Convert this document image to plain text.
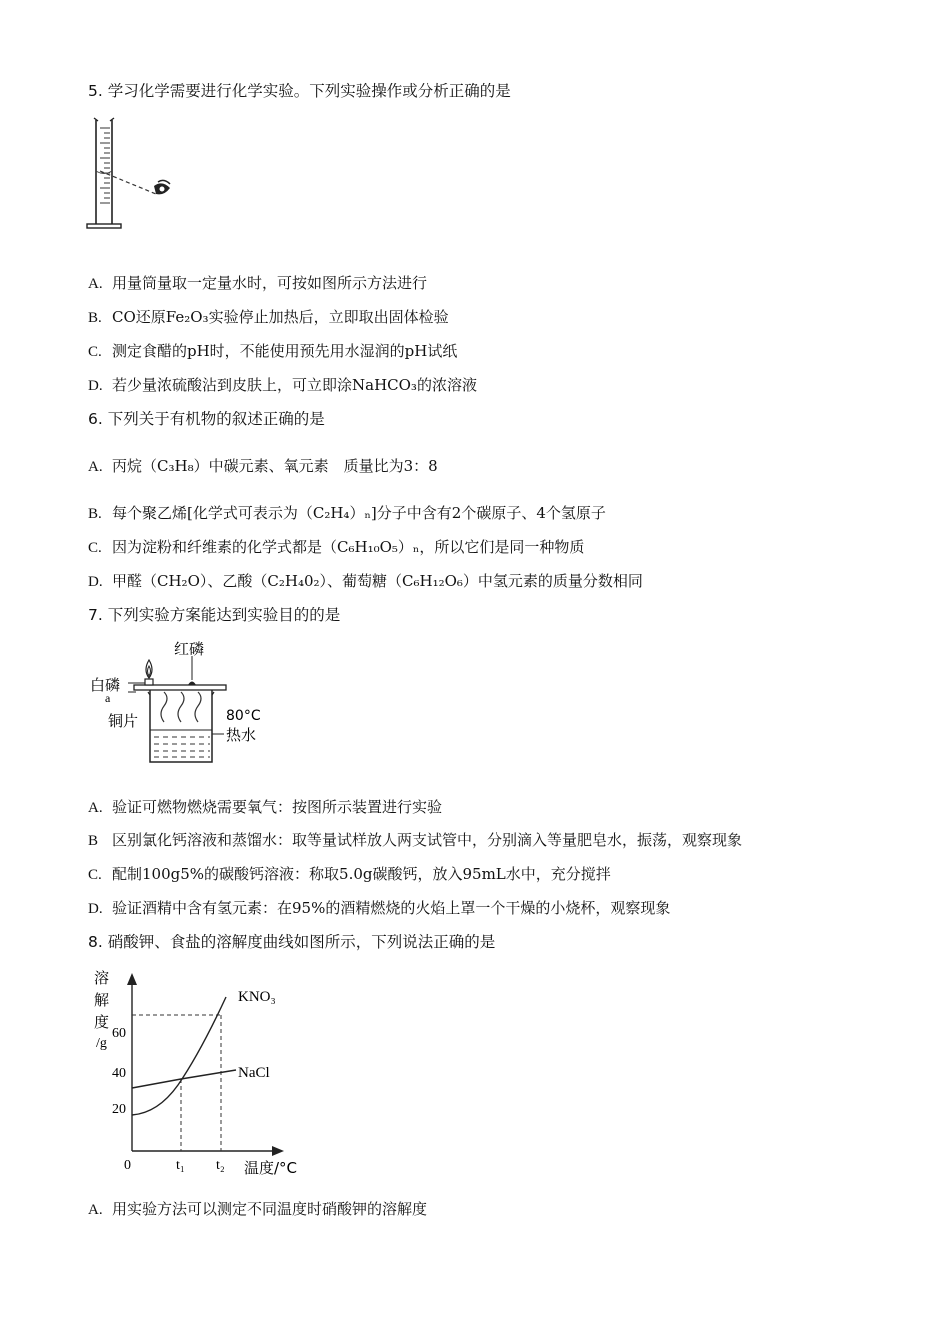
5. 学习化学需要进行化学实验。下列实验操作或分析正确的是
A. 用量筒量取一定量水时，可按如图所示方法进行
B. CO还原Fe₂O₃实验停止加热后，立即取出固体检验
C. 测定食醋的pH时，不能使用预先用水湿润的pH试纸
D. 若少量浓硫酸沾到皮肤上，可立即涂NaHCO₃的浓溶液
6. 下列关于有机物的叙述正确的是
A. 丙烷（C₃H₈）中碳元素、氧元素　质量比为3：8
B. 每个聚乙烯[化学式可表示为（C₂H₄）ₙ]分子中含有2个碳原子、4个氢原子
C. 因为淀粉和纤维素的化学式都是（C₆H₁₀O₅）ₙ，所以它们是同一种物质
D. 甲醛（CH₂O）、乙酸（C₂H₄0₂）、葡萄糖（C₆H₁₂O₆）中氢元素的质量分数相同
7. 下列实验方案能达到实验目的的是
红磷
白磷
a
铜片	80°C
热水
A. 验证可燃物燃烧需要氧气：按图所示装置进行实验
B 区别氯化钙溶液和蒸馏水：取等量试样放人两支试管中，分别滴入等量肥皂水，振荡，观察现象
C. 配制100g5%的碳酸钙溶液：称取5.0g碳酸钙，放入95mL水中，充分搅拌
D. 验证酒精中含有氢元素：在95%的酒精燃烧的火焰上罩一个干燥的小烧杯，观察现象
8. 硝酸钾、食盐的溶解度曲线如图所示，下列说法正确的是
溶
解
度
/g
60
40
20
0	t₁ t₂ 温度/°C
KNO₃
NaCl
A. 用实验方法可以测定不同温度时硝酸钾的溶解度
